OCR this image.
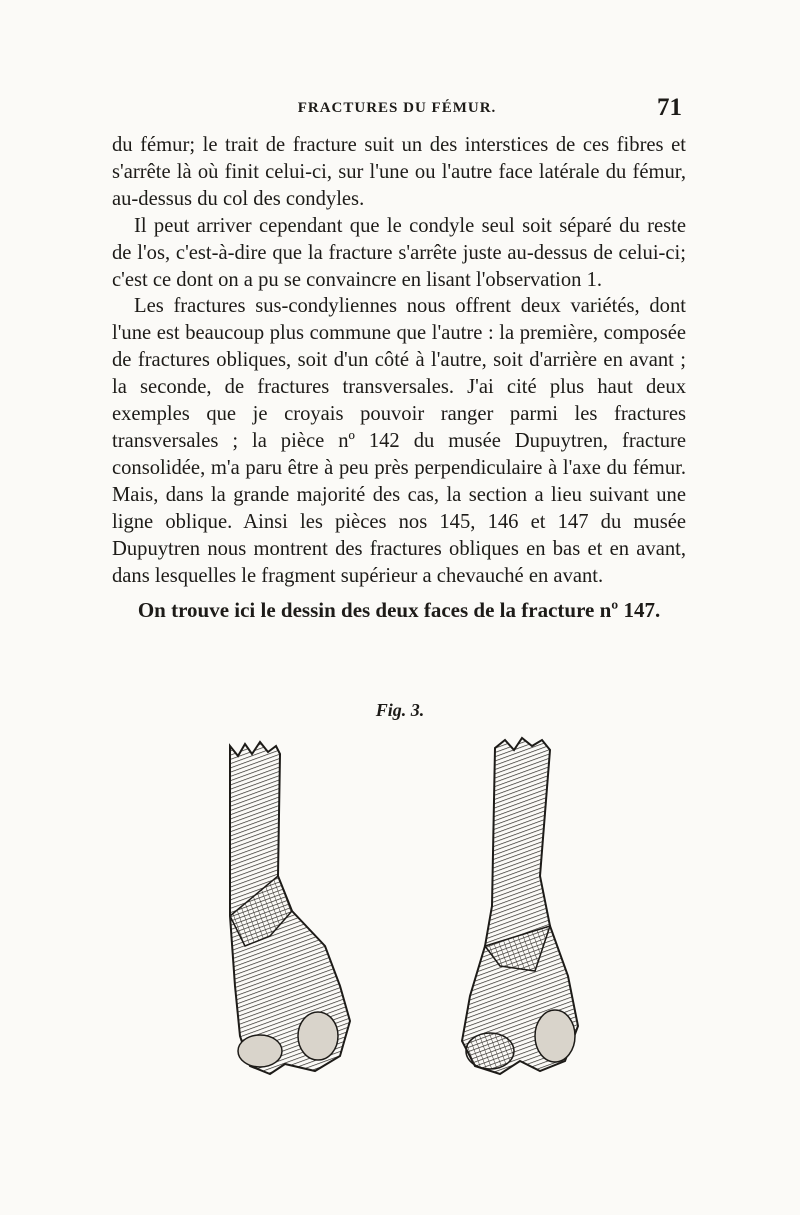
FRACTURES DU FÉMUR.	71

du fémur; le trait de fracture suit un des interstices de ces fibres et s'arrête là où finit celui-ci, sur l'une ou l'autre face latérale du fémur, au-dessus du col des condyles.

Il peut arriver cependant que le condyle seul soit séparé du reste de l'os, c'est-à-dire que la fracture s'arrête juste au-dessus de celui-ci; c'est ce dont on a pu se convaincre en lisant l'observation 1.

Les fractures sus-condyliennes nous offrent deux variétés, dont l'une est beaucoup plus commune que l'autre : la première, composée de fractures obliques, soit d'un côté à l'autre, soit d'arrière en avant ; la seconde, de fractures transversales. J'ai cité plus haut deux exemples que je croyais pouvoir ranger parmi les fractures transversales ; la pièce nº 142 du musée Dupuytren, fracture consolidée, m'a paru être à peu près perpendiculaire à l'axe du fémur. Mais, dans la grande majorité des cas, la section a lieu suivant une ligne oblique. Ainsi les pièces nos 145, 146 et 147 du musée Dupuytren nous montrent des fractures obliques en bas et en avant, dans lesquelles le fragment supérieur a chevauché en avant.

On trouve ici le dessin des deux faces de la fracture nº 147.

Fig. 3.
